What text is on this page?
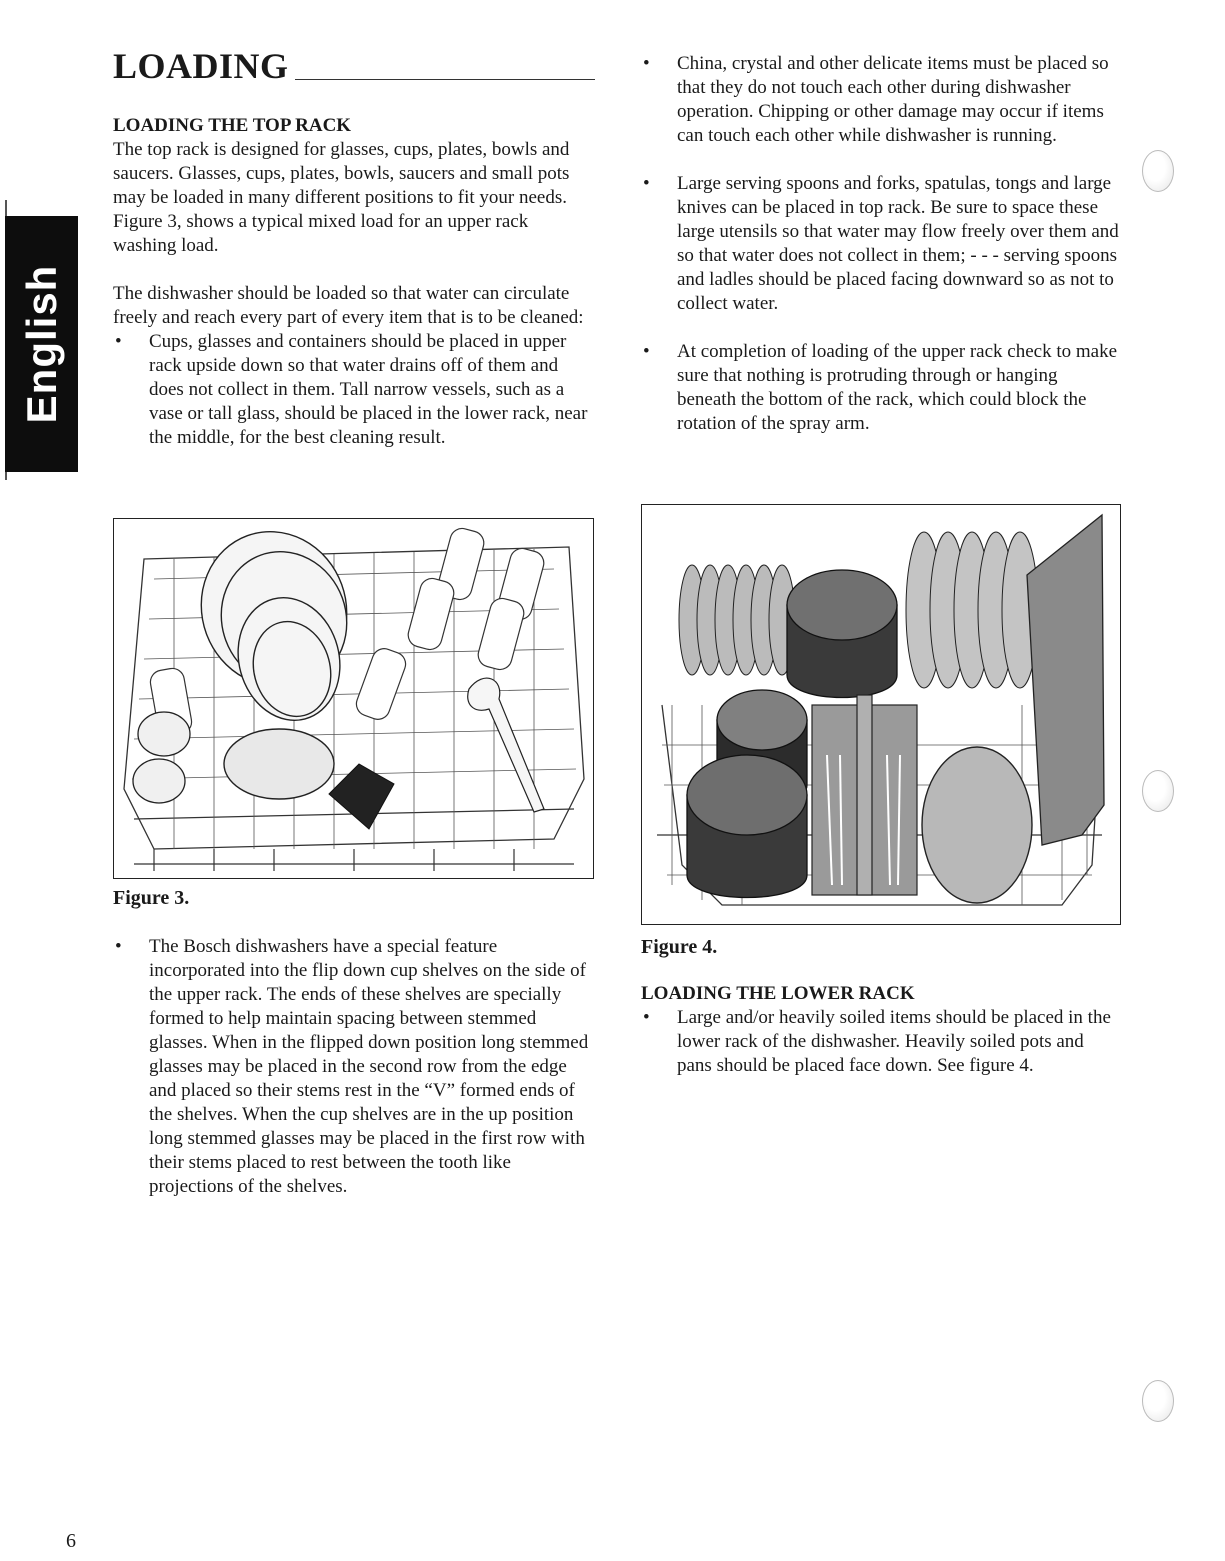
English
LOADING
LOADING THE TOP RACK

The top rack is designed for glasses, cups, plates, bowls and saucers. Glasses, cups, plates, bowls, saucers and small pots may be loaded in many different positions to fit your needs. Figure 3, shows a typical mixed load for an upper rack washing load.

The dishwasher should be loaded so that water can circulate freely and reach every part of every item that is to be cleaned:

• Cups, glasses and containers should be placed in upper rack upside down so that water drains off of them and does not collect in them. Tall narrow vessels, such as a vase or tall glass, should be placed in the lower rack, near the middle, for the best cleaning result.
Figure 3.
• The Bosch dishwashers have a special feature incorporated into the flip down cup shelves on the side of the upper rack. The ends of these shelves are specially formed to help maintain spacing between stemmed glasses. When in the flipped down position long stemmed glasses may be placed in the second row from the edge and placed so their stems rest in the “V” formed ends of the shelves. When the cup shelves are in the up position long stemmed glasses may be placed in the first row with their stems placed to rest between the tooth like projections of the shelves.
• China, crystal and other delicate items must be placed so that they do not touch each other during dishwasher operation. Chipping or other damage may occur if items can touch each other while dishwasher is running.
• Large serving spoons and forks, spatulas, tongs and large knives can be placed in top rack. Be sure to space these large utensils so that water may flow freely over them and so that water does not collect in them; - - - serving spoons and ladles should be placed facing downward so as not to collect water.
• At completion of loading of the upper rack check to make sure that nothing is protruding through or hanging beneath the bottom of the rack, which could block the rotation of the spray arm.
Figure 4.
LOADING THE LOWER RACK
• Large and/or heavily soiled items should be placed in the lower rack of the dishwasher. Heavily soiled pots and pans should be placed face down. See figure 4.
6
